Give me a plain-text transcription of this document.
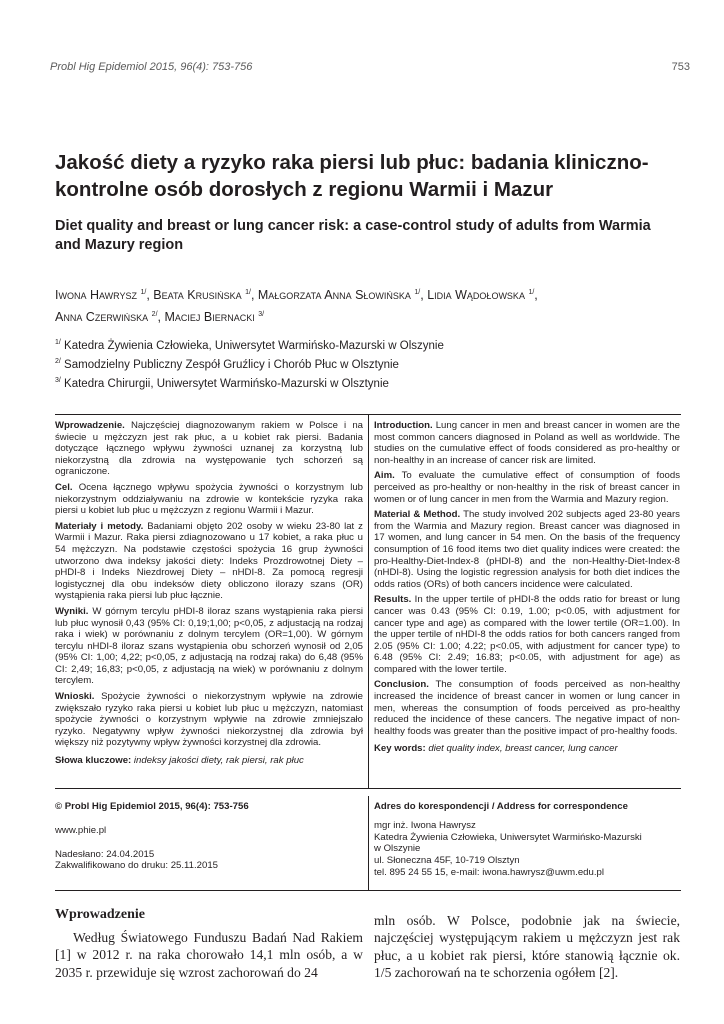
Probl Hig Epidemiol 2015, 96(4): 753-756	753
Jakość diety a ryzyko raka piersi lub płuc: badania kliniczno-kontrolne osób dorosłych z regionu Warmii i Mazur
Diet quality and breast or lung cancer risk: a case-control study of adults from Warmia and Mazury region
Iwona Hawrysz $^{1/}$, Beata Krusińska $^{1/}$, Małgorzata Anna Słowińska $^{1/}$, Lidia Wądołowska $^{1/}$,
Anna Czerwińska $^{2/}$, Maciej Biernacki $^{3/}$
$^{1/}$ Katedra Żywienia Człowieka, Uniwersytet Warmińsko-Mazurski w Olszynie
$^{2/}$ Samodzielny Publiczny Zespół Gruźlicy i Chorób Płuc w Olsztynie
$^{3/}$ Katedra Chirurgii, Uniwersytet Warmińsko-Mazurski w Olsztynie

Wprowadzenie. Najczęściej diagnozowanym rakiem w Polsce i na świecie u mężczyzn jest rak płuc, a u kobiet rak piersi. Badania dotyczące łącznego wpływu żywności uznanej za korzystną lub niekorzystną dla zdrowia na występowanie tych schorzeń są ograniczone.

Cel. Ocena łącznego wpływu spożycia żywności o korzystnym lub niekorzystnym oddziaływaniu na zdrowie w kontekście ryzyka raka piersi u kobiet lub płuc u mężczyzn z regionu Warmii i Mazur.

Materiały i metody. Badaniami objęto 202 osoby w wieku 23-80 lat z Warmii i Mazur. Raka piersi zdiagnozowano u 17 kobiet, a raka płuc u 54 mężczyzn. Na podstawie częstości spożycia 16 grup żywności utworzono dwa indeksy jakości diety: Indeks Prozdrowotnej Diety – pHDI-8 i Indeks Niezdrowej Diety – nHDI-8. Za pomocą regresji logistycznej dla obu indeksów diety obliczono ilorazy szans (OR) wystąpienia raka piersi lub płuc łącznie.

Wyniki. W górnym tercylu pHDI-8 iloraz szans wystąpienia raka piersi lub płuc wynosił 0,43 (95% CI: 0,19;1,00; p<0,05, z adjustacją na rodzaj raka i wiek) w porównaniu z dolnym tercylem (OR=1,00). W górnym tercylu nHDI-8 iloraz szans wystąpienia obu schorzeń wynosił od 2,05 (95% CI: 1,00; 4,22; p<0,05, z adjustacją na rodzaj raka) do 6,48 (95% CI: 2,49; 16,83; p<0,05, z adjustacją na wiek) w porównaniu z dolnym tercylem.

Wnioski. Spożycie żywności o niekorzystnym wpływie na zdrowie zwiększało ryzyko raka piersi u kobiet lub płuc u mężczyzn, natomiast spożycie żywności o korzystnym wpływie na zdrowie zmniejszało ryzyko. Negatywny wpływ żywności niekorzystnej dla zdrowia był większy niż pozytywny wpływ żywności korzystnej dla zdrowia.

Słowa kluczowe: indeksy jakości diety, rak piersi, rak płuc

Introduction. Lung cancer in men and breast cancer in women are the most common cancers diagnosed in Poland as well as worldwide. The studies on the cumulative effect of foods considered as pro-healthy or non-healthy in an increase of cancer risk are limited.

Aim. To evaluate the cumulative effect of consumption of foods perceived as pro-healthy or non-healthy in the risk of breast cancer in women or of lung cancer in men from the Warmia and Mazury region.

Material & Method. The study involved 202 subjects aged 23-80 years from the Warmia and Mazury region. Breast cancer was diagnosed in 17 women, and lung cancer in 54 men. On the basis of the frequency consumption of 16 food items two diet quality indices were created: the pro-Healthy-Diet-Index-8 (pHDI-8) and the non-Healthy-Diet-Index-8 (nHDI-8). Using the logistic regression analysis for both diet indices the odds ratios (ORs) of both cancers incidence were calculated.

Results. In the upper tertile of pHDI-8 the odds ratio for breast or lung cancer was 0.43 (95% CI: 0.19, 1.00; p<0.05, with adjustment for cancer type and age) as compared with the lower tertile (OR=1.00). In the upper tertile of nHDI-8 the odds ratios for both cancers ranged from 2.05 (95% CI: 1.00; 4.22; p<0.05, with adjustment for cancer type) to 6.48 (95% CI: 2.49; 16.83; p<0.05, with adjustment for age) as compared with the lower tertile.

Conclusion. The consumption of foods perceived as non-healthy increased the incidence of breast cancer in women or lung cancer in men, whereas the consumption of foods perceived as pro-healthy reduced the incidence of these cancers. The negative impact of non-healthy foods was greater than the positive impact of pro-healthy foods.

Key words: diet quality index, breast cancer, lung cancer

© Probl Hig Epidemiol 2015, 96(4): 753-756

www.phie.pl

Nadesłano: 24.04.2015
Zakwalifikowano do druku: 25.11.2015
Adres do korespondencji / Address for correspondence
mgr inż. Iwona Hawrysz
Katedra Żywienia Człowieka, Uniwersytet Warmińsko-Mazurski
w Olszynie
ul. Słoneczna 45F, 10-719 Olsztyn
tel. 895 24 55 15, e-mail: iwona.hawrysz@uwm.edu.pl
Wprowadzenie

Według Światowego Funduszu Badań Nad Rakiem [1] w 2012 r. na raka chorowało 14,1 mln osób, a w 2035 r. przewiduje się wzrost zachorowań do 24

mln osób. W Polsce, podobnie jak na świecie, najczęściej występującym rakiem u mężczyzn jest rak płuc, a u kobiet rak piersi, które stanowią łącznie ok. 1/5 zachorowań na te schorzenia ogółem [2].
